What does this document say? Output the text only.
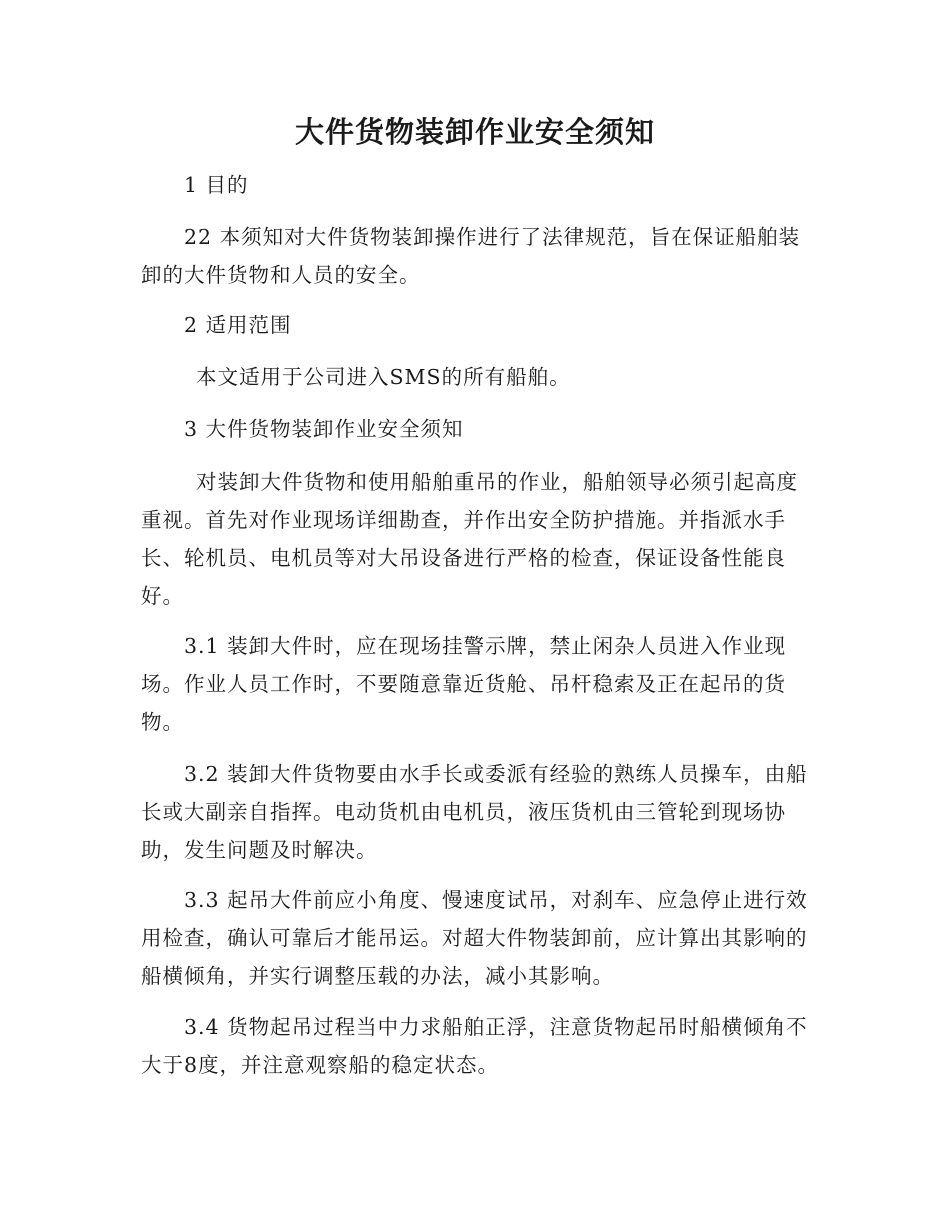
大件货物装卸作业安全须知

1 目的

22 本须知对大件货物装卸操作进行了法律规范，旨在保证船舶装卸的大件货物和人员的安全。

2 适用范围

本文适用于公司进入SMS的所有船舶。

3 大件货物装卸作业安全须知

对装卸大件货物和使用船舶重吊的作业，船舶领导必须引起高度重视。首先对作业现场详细勘查，并作出安全防护措施。并指派水手长、轮机员、电机员等对大吊设备进行严格的检查，保证设备性能良好。

3.1 装卸大件时，应在现场挂警示牌，禁止闲杂人员进入作业现场。作业人员工作时，不要随意靠近货舱、吊杆稳索及正在起吊的货物。

3.2 装卸大件货物要由水手长或委派有经验的熟练人员操车，由船长或大副亲自指挥。电动货机由电机员，液压货机由三管轮到现场协助，发生问题及时解决。

3.3 起吊大件前应小角度、慢速度试吊，对刹车、应急停止进行效用检查，确认可靠后才能吊运。对超大件物装卸前，应计算出其影响的船横倾角，并实行调整压载的办法，减小其影响。

3.4 货物起吊过程当中力求船舶正浮，注意货物起吊时船横倾角不大于8度，并注意观察船的稳定状态。
